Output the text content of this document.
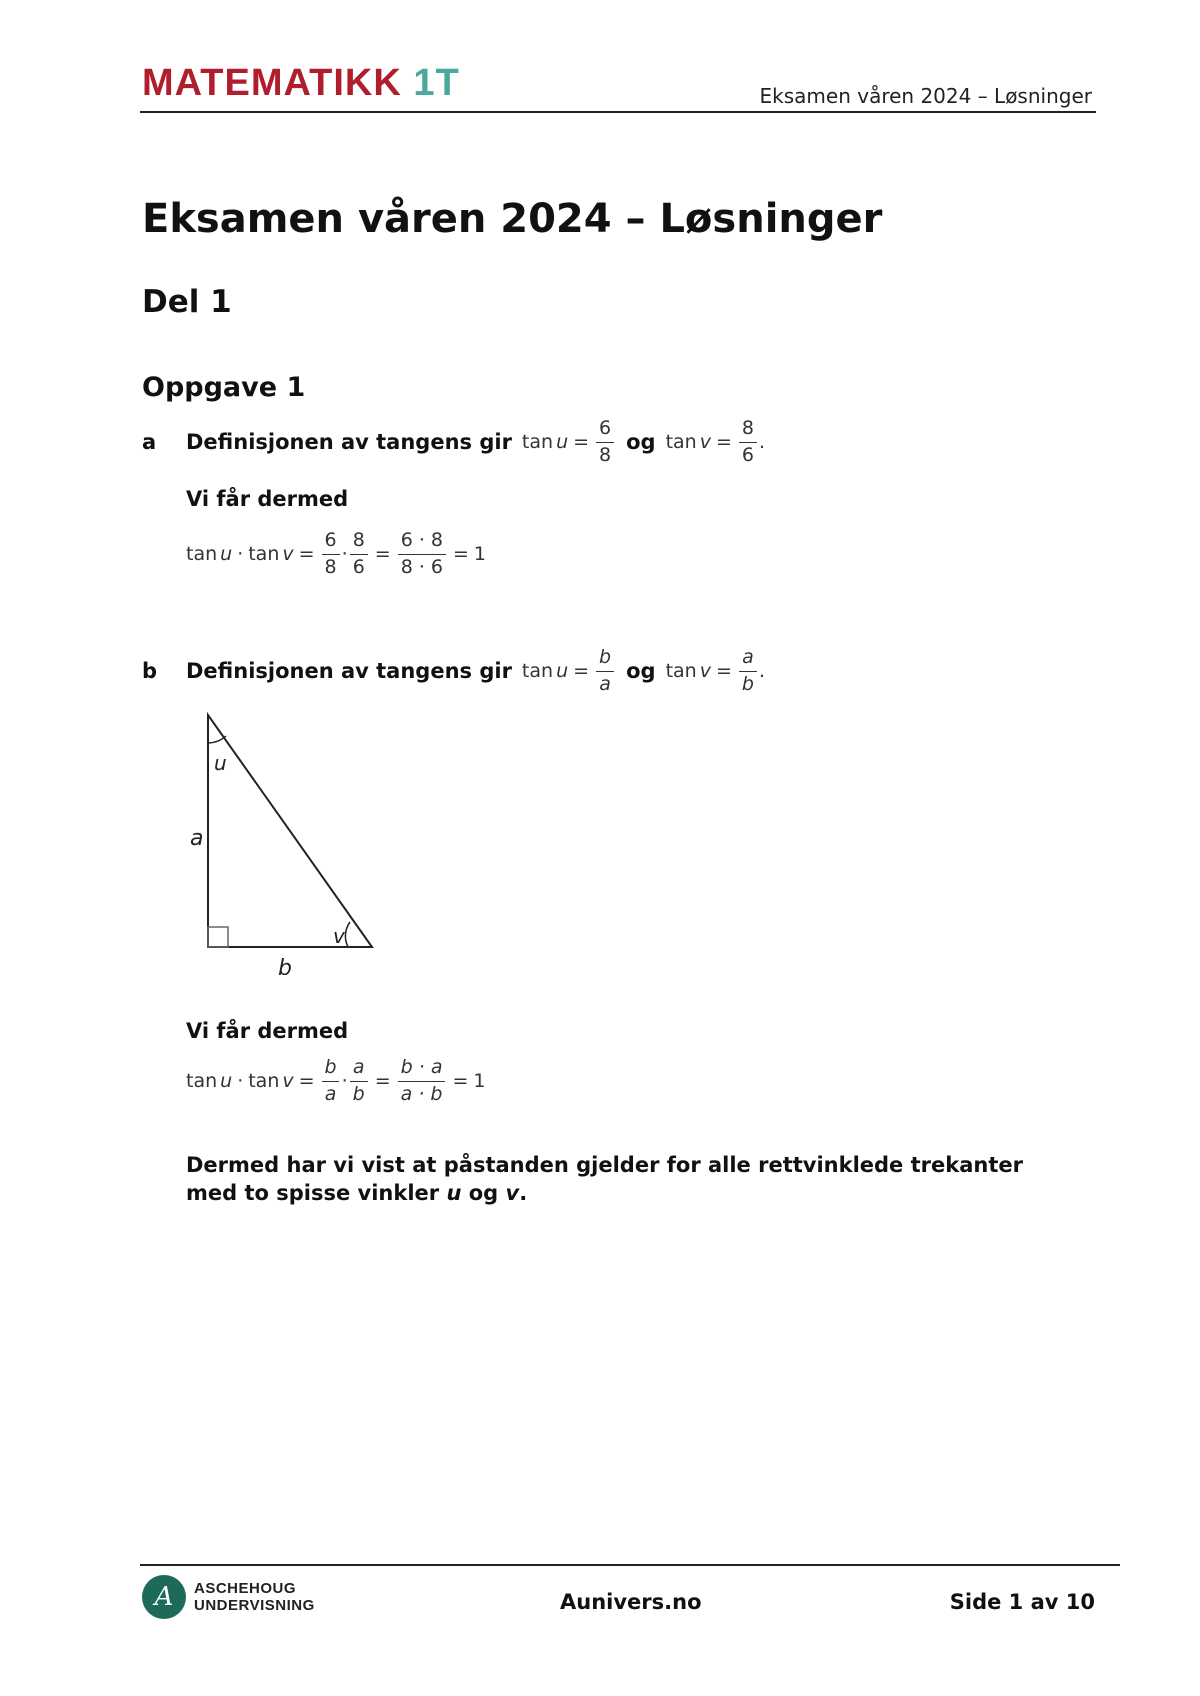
MATEMATIKK 1T	Eksamen våren 2024 – Løsninger
Eksamen våren 2024 – Løsninger
Del 1
Oppgave 1
a Definisjonen av tangens gir $\tan u = \frac{6}{8}$ og $\tan v = \frac{8}{6}$ .
Vi får dermed
$\tan u \cdot \tan v = \frac{6}{8} \cdot \frac{8}{6} = \frac{6 \cdot 8}{8 \cdot 6} = 1$
b Definisjonen av tangens gir $\tan u = \frac{b}{a}$ og $\tan v = \frac{a}{b}$ .
u
v
a
b
Vi får dermed
$\tan u \cdot \tan v = \frac{b}{a} \cdot \frac{a}{b} = \frac{b \cdot a}{a \cdot b} = 1$
Dermed har vi vist at påstanden gjelder for alle rettvinklede trekanter med to spisse vinkler u og v.
A	ASCHEHOUG
UNDERVISNING	Aunivers.no	Side 1 av 10
